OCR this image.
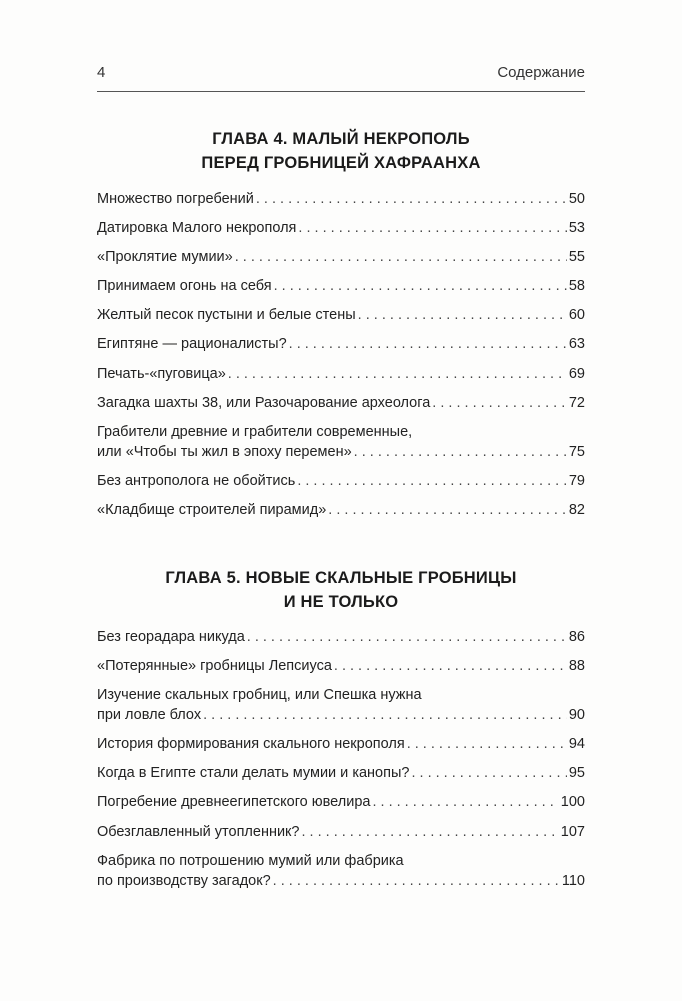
4	Содержание
ГЛАВА 4. МАЛЫЙ НЕКРОПОЛЬ
ПЕРЕД ГРОБНИЦЕЙ ХАФРААНХА
Множество погребений . . .	50
Датировка Малого некрополя . . .	53
«Проклятие мумии» . . .	55
Принимаем огонь на себя . . .	58
Желтый песок пустыни и белые стены . . .	60
Египтяне — рационалисты? . . .	63
Печать-«пуговица» . . .	69
Загадка шахты 38, или Разочарование археолога . . .	72
Грабители древние и грабители современные,
или «Чтобы ты жил в эпоху перемен» . . .	75
Без антрополога не обойтись . . .	79
«Кладбище строителей пирамид» . . .	82
ГЛАВА 5. НОВЫЕ СКАЛЬНЫЕ ГРОБНИЦЫ
И НЕ ТОЛЬКО
Без георадара никуда . . .	86
«Потерянные» гробницы Лепсиуса . . .	88
Изучение скальных гробниц, или Спешка нужна
при ловле блох . . .	90
История формирования скального некрополя . . .	94
Когда в Египте стали делать мумии и канопы? . . .	95
Погребение древнеегипетского ювелира . . .	100
Обезглавленный утопленник? . . .	107
Фабрика по потрошению мумий или фабрика
по производству загадок? . . .	110
